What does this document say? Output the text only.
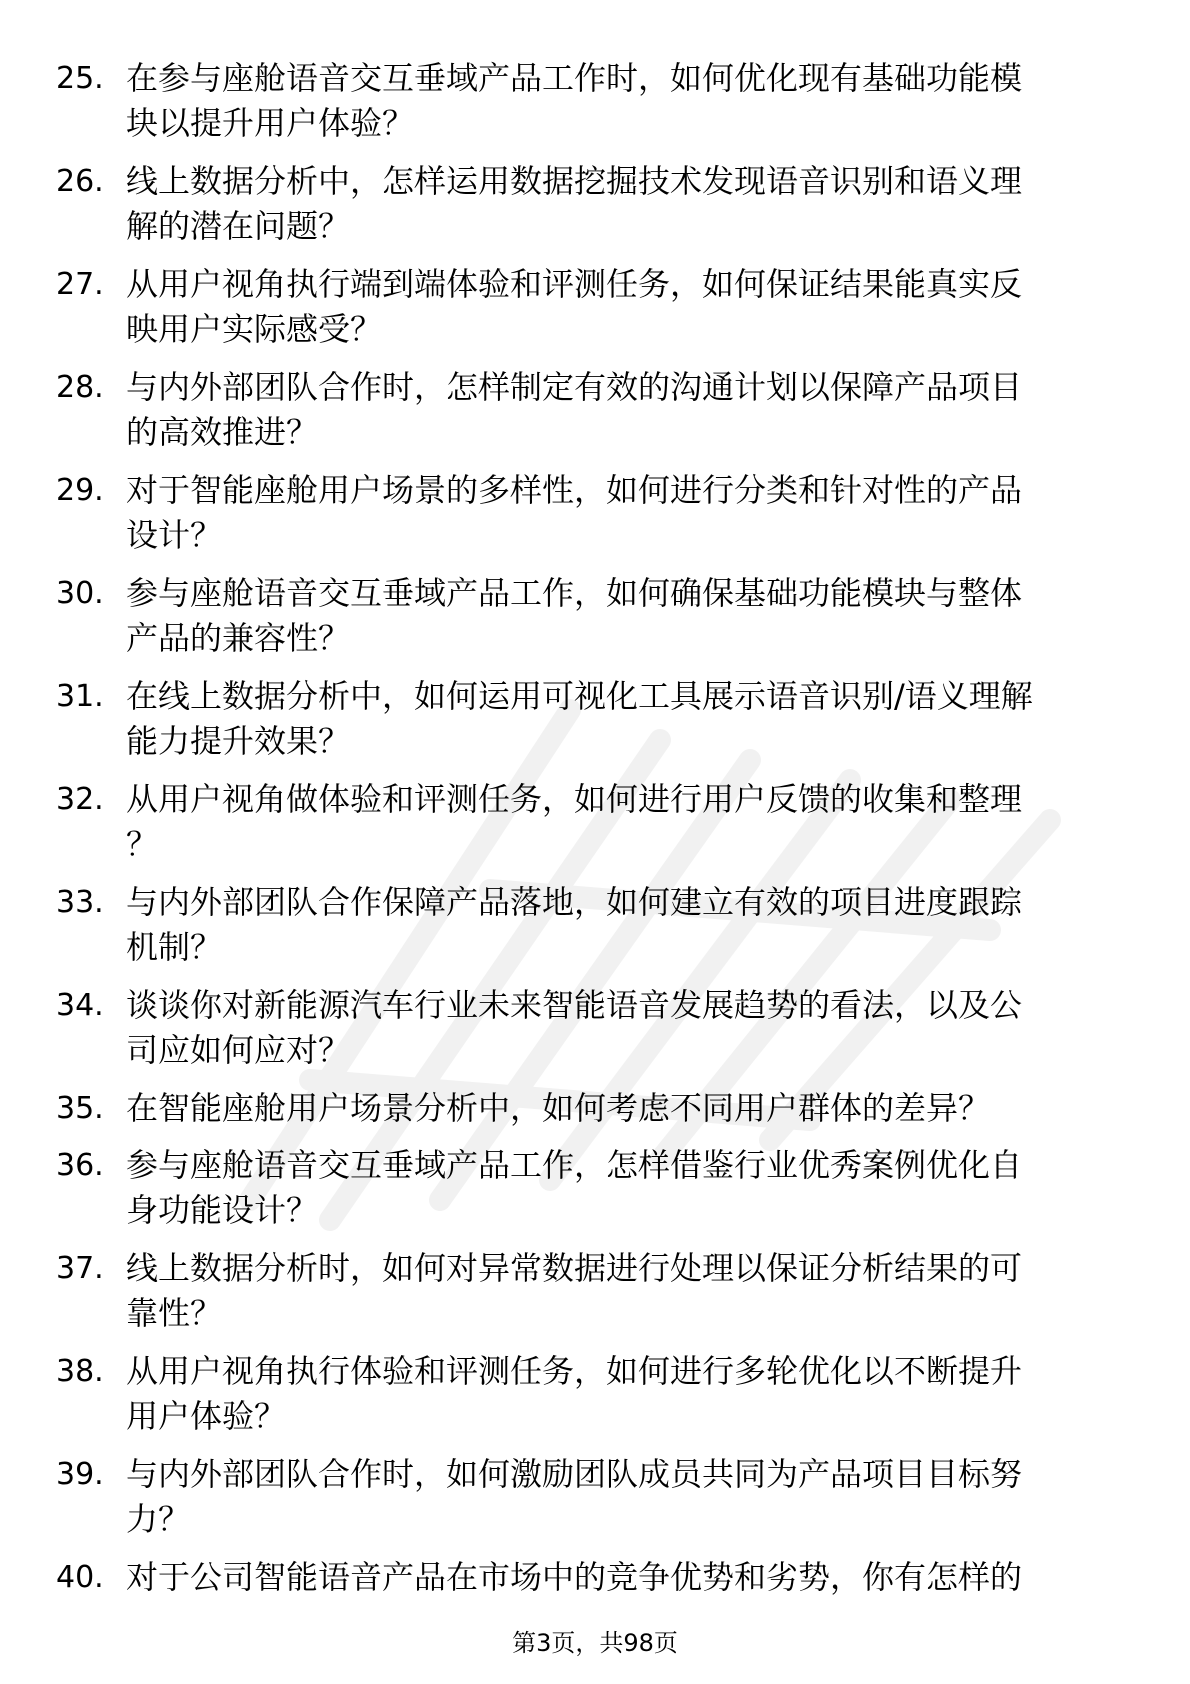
25. 在参与座舱语音交互垂域产品工作时，如何优化现有基础功能模
块以提升用户体验？
26. 线上数据分析中，怎样运用数据挖掘技术发现语音识别和语义理
解的潜在问题？
27. 从用户视角执行端到端体验和评测任务，如何保证结果能真实反
映用户实际感受？
28. 与内外部团队合作时，怎样制定有效的沟通计划以保障产品项目
的高效推进？
29. 对于智能座舱用户场景的多样性，如何进行分类和针对性的产品
设计？
30. 参与座舱语音交互垂域产品工作，如何确保基础功能模块与整体
产品的兼容性？
31. 在线上数据分析中，如何运用可视化工具展示语音识别/语义理解
能力提升效果？
32. 从用户视角做体验和评测任务，如何进行用户反馈的收集和整理
？
33. 与内外部团队合作保障产品落地，如何建立有效的项目进度跟踪
机制？
34. 谈谈你对新能源汽车行业未来智能语音发展趋势的看法，以及公
司应如何应对？
35. 在智能座舱用户场景分析中，如何考虑不同用户群体的差异？
36. 参与座舱语音交互垂域产品工作，怎样借鉴行业优秀案例优化自
身功能设计？
37. 线上数据分析时，如何对异常数据进行处理以保证分析结果的可
靠性？
38. 从用户视角执行体验和评测任务，如何进行多轮优化以不断提升
用户体验？
39. 与内外部团队合作时，如何激励团队成员共同为产品项目目标努
力？
40. 对于公司智能语音产品在市场中的竞争优势和劣势，你有怎样的
第3页，共98页
